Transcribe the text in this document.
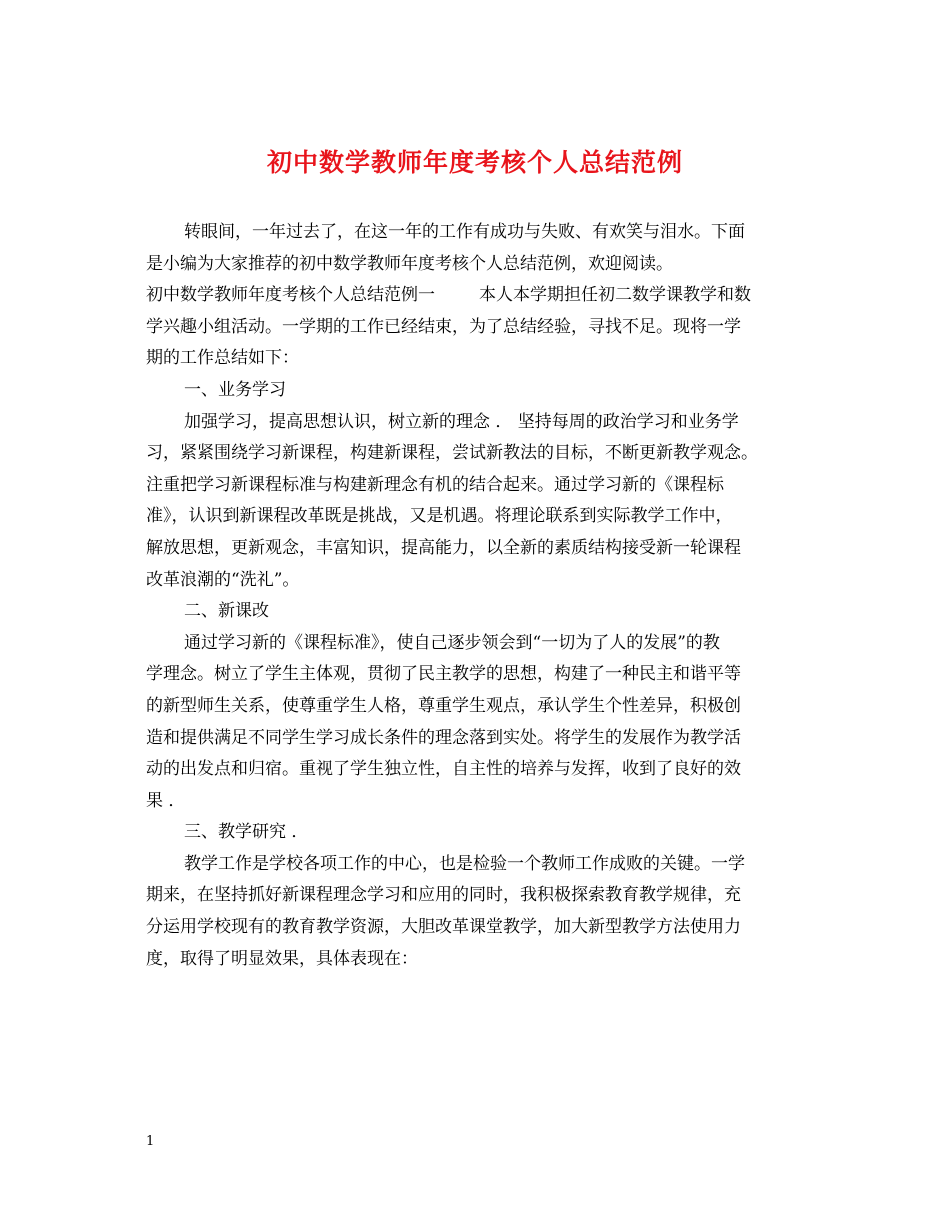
初中数学教师年度考核个人总结范例
转眼间，一年过去了，在这一年的工作有成功与失败、有欢笑与泪水。下面
是小编为大家推荐的初中数学教师年度考核个人总结范例，欢迎阅读。
初中数学教师年度考核个人总结范例一	本人本学期担任初二数学课教学和数
学兴趣小组活动。一学期的工作已经结束，为了总结经验，寻找不足。现将一学
期的工作总结如下：
一、业务学习
加强学习，提高思想认识，树立新的理念 ． 坚持每周的政治学习和业务学
习，紧紧围绕学习新课程，构建新课程，尝试新教法的目标，不断更新教学观念。
注重把学习新课程标准与构建新理念有机的结合起来。通过学习新的《课程标
准》，认识到新课程改革既是挑战，又是机遇。将理论联系到实际教学工作中，
解放思想，更新观念，丰富知识，提高能力，以全新的素质结构接受新一轮课程
改革浪潮的“洗礼”。
二、新课改
通过学习新的《课程标准》，使自己逐步领会到“一切为了人的发展”的教
学理念。树立了学生主体观，贯彻了民主教学的思想，构建了一种民主和谐平等
的新型师生关系，使尊重学生人格，尊重学生观点，承认学生个性差异，积极创
造和提供满足不同学生学习成长条件的理念落到实处。将学生的发展作为教学活
动的出发点和归宿。重视了学生独立性，自主性的培养与发挥，收到了良好的效
果 ．
三、教学研究 ．
教学工作是学校各项工作的中心，也是检验一个教师工作成败的关键。一学
期来，在坚持抓好新课程理念学习和应用的同时，我积极探索教育教学规律，充
分运用学校现有的教育教学资源，大胆改革课堂教学，加大新型教学方法使用力
度，取得了明显效果，具体表现在：
1
